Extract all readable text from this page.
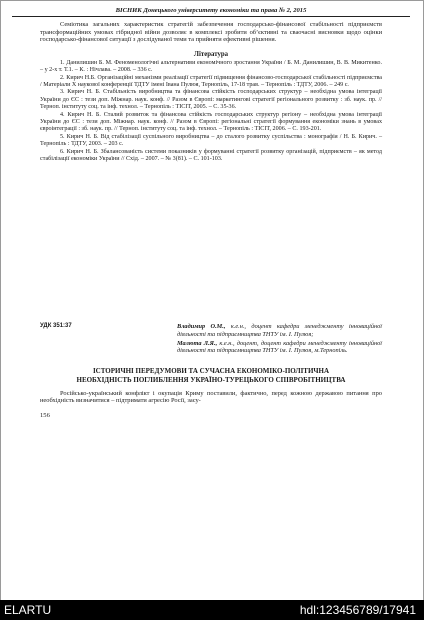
ВІСНИК Донецького університету економіки та права № 2, 2015

Семіотика загальних характеристик стратегій забезпечення господарсько-фінансової стабільності підприємств трансформаційних умовах гібридної війни дозволяє в комплексі зробити об’єктивні та сваочасні висновки щодо оцінки господарсько-фінансової ситуації з дослідуваної теми та прийняти ефективні рішення.

Література

1. Данилишин Б. М. Феноменологічні альтернативи економічного зростання України / Б. М. Данилишин, В. В. Микитенко. – у 2-х т. Т.1. – К. : Нічлава. – 2008. – 336 с.

2. Кирич Н.Б. Організаційні механізми реалізації стратегії підвищення фінансово-господарської стабільності підприємства / Матеріали Х наукової конференції ТДТУ імені Івана Пулюя, Тернопіль, 17-18 трав. – Тернопіль : ТДТУ, 2006. – 249 с.

3. Кирич Н. Б. Стабільність виробництва та фінансова стійкість господарських структур – необхідна умова інтеграції України до ЄС : тези доп. Міжнар. наук. конф. // Разом в Європі: маркетингові стратегії регіонального розвитку : зб. наук. пр. // Терноп. інституту соц. та інф. технол. – Тернопіль : ТІСІТ, 2005. – С. 35-36.

4. Кирич Н. Б. Сталий розвиток та фінансова стійкість господарських структур регіону – необхідна умова інтеграції України до ЄС : тези доп. Міжнар. наук. конф. // Разом в Європі: регіональні стратегії формування економіки знань в умовах євроінтеграції : зб. наук. пр. // Терноп. інституту соц. та інф. технол. – Тернопіль : ТІСІТ, 2006. – С. 193-201.

5. Кирич Н. Б. Від стабілізації суспільного виробництва – до сталого розвитку суспільства : монографія / Н. Б. Кирич. – Тернопіль : ТДТУ, 2003. – 203 с.

6. Кирич Н. Б. Збалансованість системи показників у формуванні стратегії розвитку організацій, підприємств – як метод стабілізації економіки України // Схід. – 2007. – № 3(81). – С. 101-103.

УДК 351:37	Владимир О.М., к.е.н., доцент кафедри менеджменту інноваційної діяльності та підприємництва ТНТУ ім. І. Пулюя;

Малюта Л.Я., к.е.н., доцент, доцент кафедри менеджменту інноваційної діяльності та підприємництва ТНТУ ім. І. Пулюя, м.Тернопіль.

ІСТОРИЧНІ ПЕРЕДУМОВИ ТА СУЧАСНА ЕКОНОМІКО-ПОЛІТИЧНА
НЕОБХІДНІСТЬ ПОГЛИБЛЕННЯ УКРАЇНО-ТУРЕЦЬКОГО СПІВРОБІТНИЦТВА

Російсько-український конфлікт і окупація Криму поставили, фактично, перед кожною державою питання про необхідність визначитися – підтримати агресію Росії, засу-

156
ELARTU	hdl:123456789/17941
